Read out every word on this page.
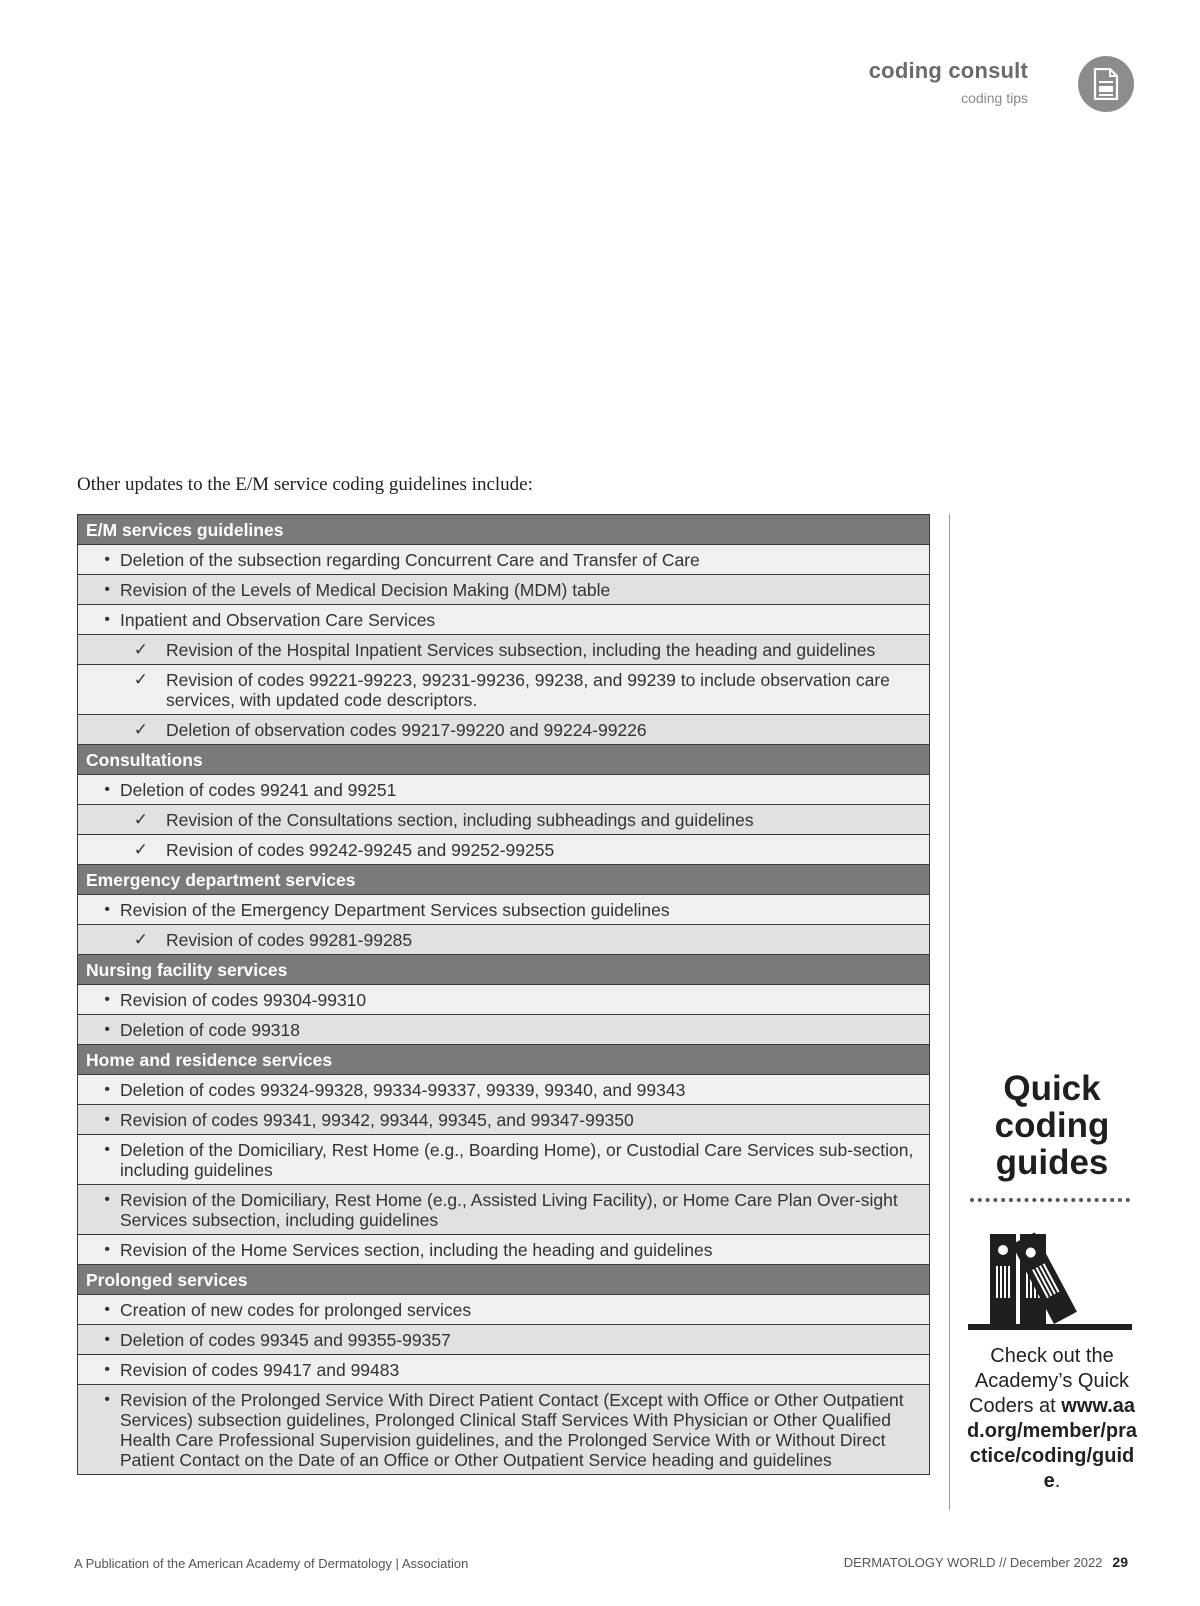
coding consult
coding tips
Other updates to the E/M service coding guidelines include:
E/M services guidelines
• Deletion of the subsection regarding Concurrent Care and Transfer of Care
• Revision of the Levels of Medical Decision Making (MDM) table
• Inpatient and Observation Care Services
✓	Revision of the Hospital Inpatient Services subsection, including the heading and guidelines
✓	Revision of codes 99221-99223, 99231-99236, 99238, and 99239 to include observation care services, with updated code descriptors.
✓	Deletion of observation codes 99217-99220 and 99224-99226
Consultations
• Deletion of codes 99241 and 99251
✓	Revision of the Consultations section, including subheadings and guidelines
✓	Revision of codes 99242-99245 and 99252-99255
Emergency department services
• Revision of the Emergency Department Services subsection guidelines
✓	Revision of codes 99281-99285
Nursing facility services
• Revision of codes 99304-99310
• Deletion of code 99318
Home and residence services
• Deletion of codes 99324-99328, 99334-99337, 99339, 99340, and 99343
• Revision of codes 99341, 99342, 99344, 99345, and 99347-99350
• Deletion of the Domiciliary, Rest Home (e.g., Boarding Home), or Custodial Care Services sub-section, including guidelines
• Revision of the Domiciliary, Rest Home (e.g., Assisted Living Facility), or Home Care Plan Over-sight Services subsection, including guidelines
• Revision of the Home Services section, including the heading and guidelines
Prolonged services
• Creation of new codes for prolonged services
• Deletion of codes 99345 and 99355-99357
• Revision of codes 99417 and 99483
• Revision of the Prolonged Service With Direct Patient Contact (Except with Office or Other Outpatient Services) subsection guidelines, Prolonged Clinical Staff Services With Physician or Other Qualified Health Care Professional Supervision guidelines, and the Prolonged Service With or Without Direct Patient Contact on the Date of an Office or Other Outpatient Service heading and guidelines
Quick
coding
guides
Check out the Academy’s Quick Coders at www.aad.org/member/practice/coding/guide.
A Publication of the American Academy of Dermatology | Association	DERMATOLOGY WORLD // December 2022 29
